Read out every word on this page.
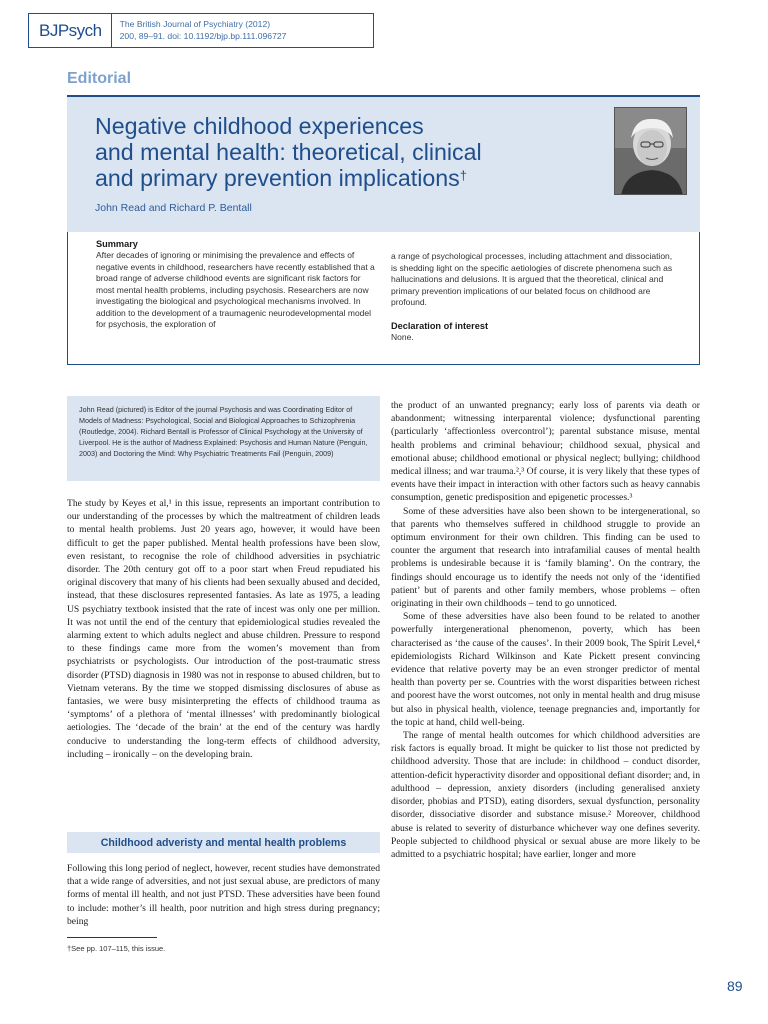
BJPsych	The British Journal of Psychiatry (2012)
200, 89–91. doi: 10.1192/bjp.bp.111.096727
Editorial
Negative childhood experiences
and mental health: theoretical, clinical
and primary prevention implications†
John Read and Richard P. Bentall
Summary

After decades of ignoring or minimising the prevalence and effects of negative events in childhood, researchers have recently established that a broad range of adverse childhood events are significant risk factors for most mental health problems, including psychosis. Researchers are now investigating the biological and psychological mechanisms involved. In addition to the development of a traumagenic neurodevelopmental model for psychosis, the exploration of

a range of psychological processes, including attachment and dissociation, is shedding light on the specific aetiologies of discrete phenomena such as hallucinations and delusions. It is argued that the theoretical, clinical and primary prevention implications of our belated focus on childhood are profound.

Declaration of interest

None.

John Read (pictured) is Editor of the journal Psychosis and was Coordinating Editor of Models of Madness: Psychological, Social and Biological Approaches to Schizophrenia (Routledge, 2004). Richard Bentall is Professor of Clinical Psychology at the University of Liverpool. He is the author of Madness Explained: Psychosis and Human Nature (Penguin, 2003) and Doctoring the Mind: Why Psychiatric Treatments Fail (Penguin, 2009)

The study by Keyes et al,¹ in this issue, represents an important contribution to our understanding of the processes by which the maltreatment of children leads to mental health problems. Just 20 years ago, however, it would have been difficult to get the paper published. Mental health professions have been slow, even resistant, to recognise the role of childhood adversities in psychiatric disorder. The 20th century got off to a poor start when Freud repudiated his original discovery that many of his clients had been sexually abused and decided, instead, that these disclosures represented fantasies. As late as 1975, a leading US psychiatry textbook insisted that the rate of incest was only one per million. It was not until the end of the century that epidemiological studies revealed the alarming extent to which adults neglect and abuse children. Pressure to respond to these findings came more from the women’s movement than from psychiatrists or psychologists. Our introduction of the post-traumatic stress disorder (PTSD) diagnosis in 1980 was not in response to abused children, but to Vietnam veterans. By the time we stopped dismissing disclosures of abuse as fantasies, we were busy misinterpreting the effects of childhood trauma as ‘symptoms’ of a plethora of ‘mental illnesses’ with predominantly biological aetiologies. The ‘decade of the brain’ at the end of the century was hardly conducive to understanding the long-term effects of childhood adversity, including – ironically – on the developing brain.

Childhood adveristy and mental health problems

Following this long period of neglect, however, recent studies have demonstrated that a wide range of adversities, and not just sexual abuse, are predictors of many forms of mental ill health, and not just PTSD. These adversities have been found to include: mother’s ill health, poor nutrition and high stress during pregnancy; being

the product of an unwanted pregnancy; early loss of parents via death or abandonment; witnessing interparental violence; dysfunctional parenting (particularly ‘affectionless overcontrol’); parental substance misuse, mental health problems and criminal behaviour; childhood sexual, physical and emotional abuse; childhood emotional or physical neglect; bullying; childhood medical illness; and war trauma.²,³ Of course, it is very likely that these types of events have their impact in interaction with other factors such as heavy cannabis consumption, genetic predisposition and epigenetic processes.³

Some of these adversities have also been shown to be intergenerational, so that parents who themselves suffered in childhood struggle to provide an optimum environment for their own children. This finding can be used to counter the argument that research into intrafamilial causes of mental health problems is undesirable because it is ‘family blaming’. On the contrary, the findings should encourage us to identify the needs not only of the ‘identified patient’ but of parents and other family members, whose problems – often originating in their own childhoods – tend to go unnoticed.

Some of these adversities have also been found to be related to another powerfully intergenerational phenomenon, poverty, which has been characterised as ‘the cause of the causes’. In their 2009 book, The Spirit Level,⁴ epidemiologists Richard Wilkinson and Kate Pickett present convincing evidence that relative poverty may be an even stronger predictor of mental health than poverty per se. Countries with the worst disparities between richest and poorest have the worst outcomes, not only in mental health and drug misuse but also in physical health, violence, teenage pregnancies and, importantly for the topic at hand, child well-being.

The range of mental health outcomes for which childhood adversities are risk factors is equally broad. It might be quicker to list those not predicted by childhood adversity. Those that are include: in childhood – conduct disorder, attention-deficit hyperactivity disorder and oppositional defiant disorder; and, in adulthood – depression, anxiety disorders (including generalised anxiety disorder, phobias and PTSD), eating disorders, sexual dysfunction, personality disorder, dissociative disorder and substance misuse.² Moreover, childhood abuse is related to severity of disturbance whichever way one defines severity. People subjected to childhood physical or sexual abuse are more likely to be admitted to a psychiatric hospital; have earlier, longer and more

†See pp. 107–115, this issue.
89
